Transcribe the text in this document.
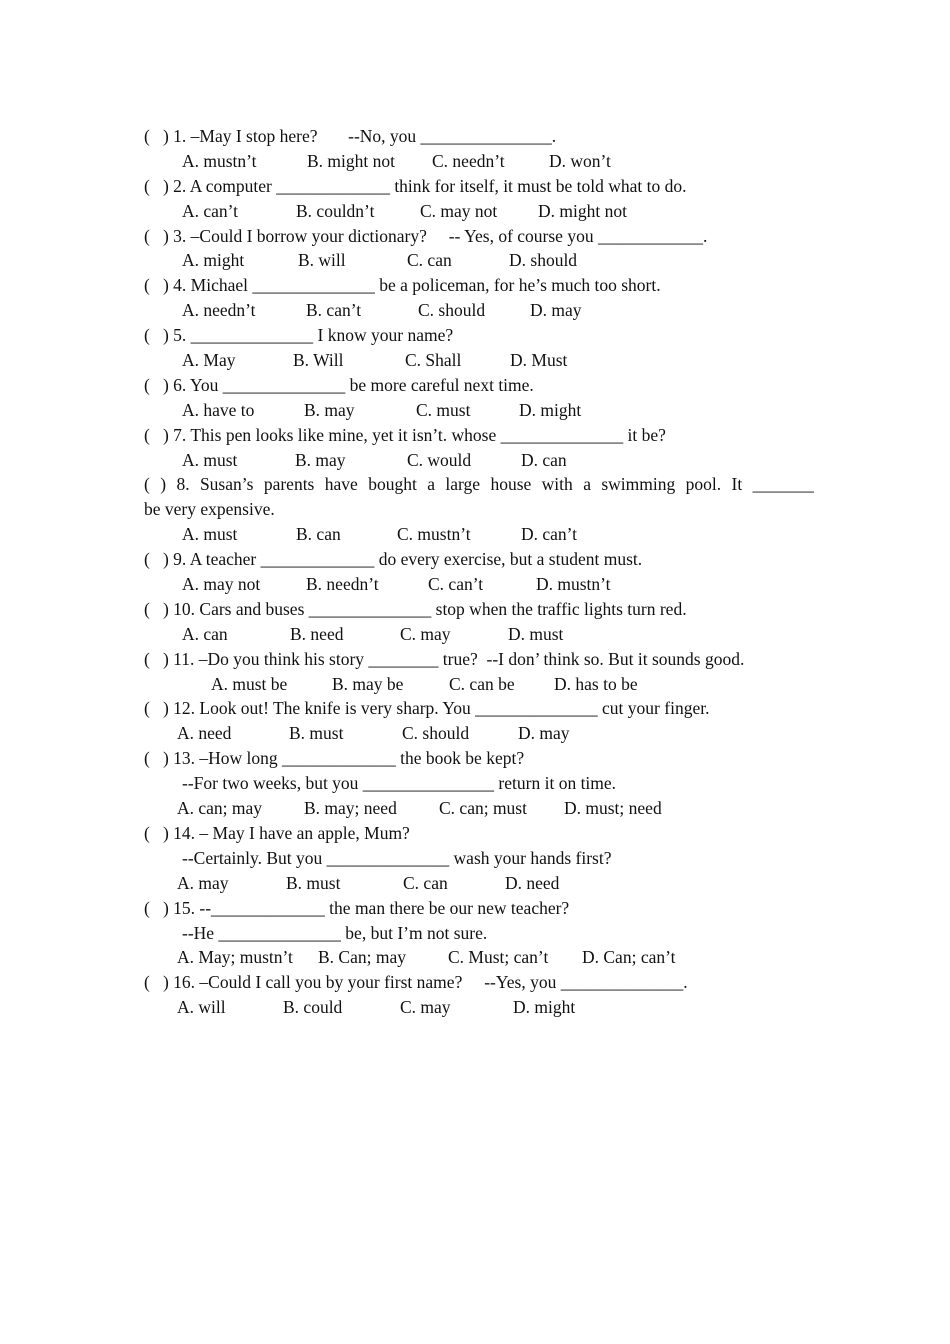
(   ) 1. –May I stop here?       --No, you _______________.

A. mustn’t

	B. might not

C. needn’t

	D. won’t

(   ) 2. A computer _____________ think for itself, it must be told what to do.

A. can’t

	B. couldn’t

	C. may not

D. might not

(   ) 3. –Could I borrow your dictionary?     -- Yes, of course you ____________.

A. might

	B. will

	C. can

	D. should

(   ) 4. Michael ______________ be a policeman, for he’s much too short.

A. needn’t

	B. can’t

	C. should

	D. may

(   ) 5. ______________ I know your name?

A. May

	B. Will

	C. Shall

	D. Must

(   ) 6. You ______________ be more careful next time.

A. have to

	B. may

	C. must

	D. might

(   ) 7. This pen looks like mine, yet it isn’t. whose ______________ it be?

A. must

	B. may

	C. would

	D. can

( ) 8. Susan’s parents have bought a large house with a swimming pool. It _______
be very expensive.

A. must

	B. can

	C. mustn’t

	D. can’t

(   ) 9. A teacher _____________ do every exercise, but a student must.

A. may not

	B. needn’t

	C. can’t

	D. mustn’t

(   ) 10. Cars and buses ______________ stop when the traffic lights turn red.

A. can

	B. need

	C. may

	D. must

(   ) 11. –Do you think his story ________ true?  --I don’ think so. But it sounds good.

A. must be

	B. may be

	C. can be

D. has to be

(   ) 12. Look out! The knife is very sharp. You ______________ cut your finger.

A. need

	B. must

	C. should

	D. may

(   ) 13. –How long _____________ the book be kept?
--For two weeks, but you _______________ return it on time.

A. can; may

B. may; need

C. can; must

D. must; need

(   ) 14. – May I have an apple, Mum?
--Certainly. But you ______________ wash your hands first?

A. may

	B. must

	C. can

	D. need

(   ) 15. --_____________ the man there be our new teacher?
--He ______________ be, but I’m not sure.

A. May; mustn’t

B. Can; may

C. Must; can’t

D. Can; can’t

(   ) 16. –Could I call you by your first name?     --Yes, you ______________.

A. will

	B. could

	C. may

	D. might
